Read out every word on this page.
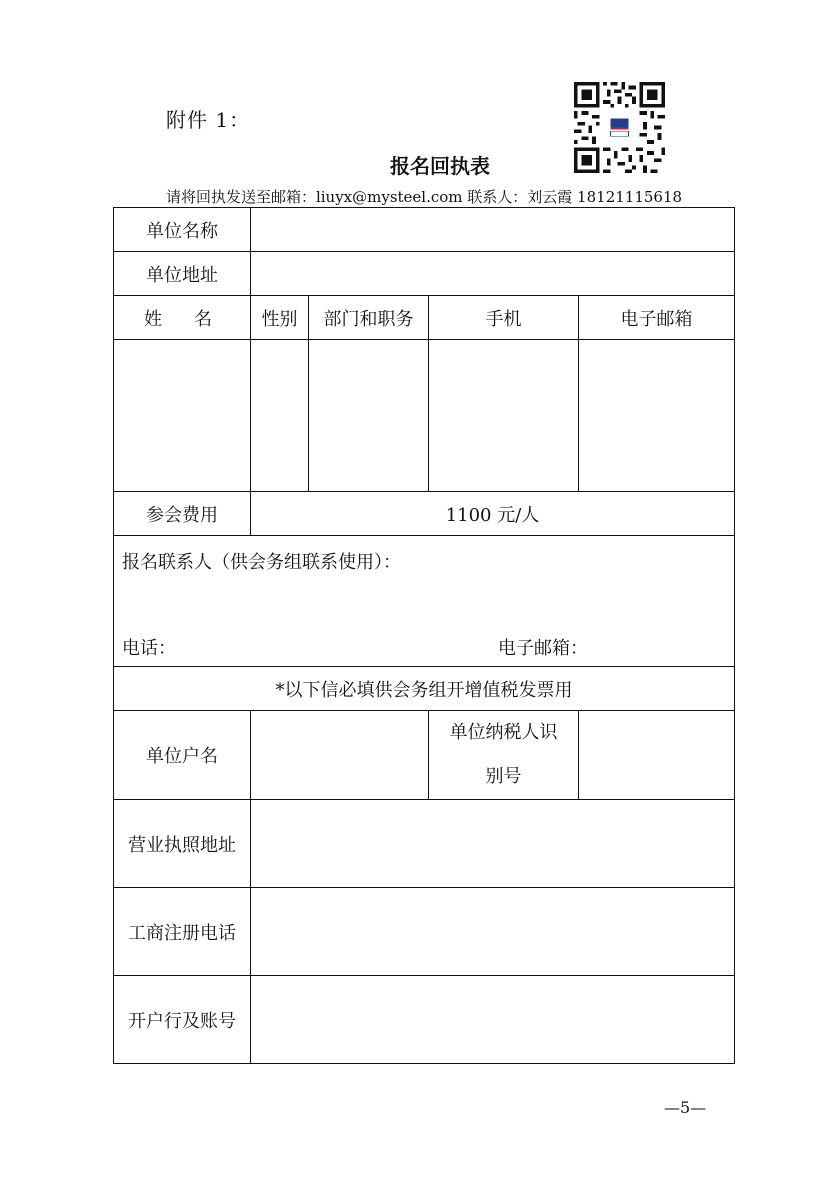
附件 1：
报名回执表
请将回执发送至邮箱：liuyx@mysteel.com 联系人：刘云霞 18121115618
单位名称				
单位地址				

姓 名	性别	部门和职务	手机	电子邮箱

参会费用	1100 元/人			

报名联系人（供会务组联系使用）：
电话： 电子邮箱：				

*以下信必填供会务组开增值税发票用				
单位户名			单位纳税人识
别号	

营业执照地址				
工商注册电话				
开户行及账号				
—5—
